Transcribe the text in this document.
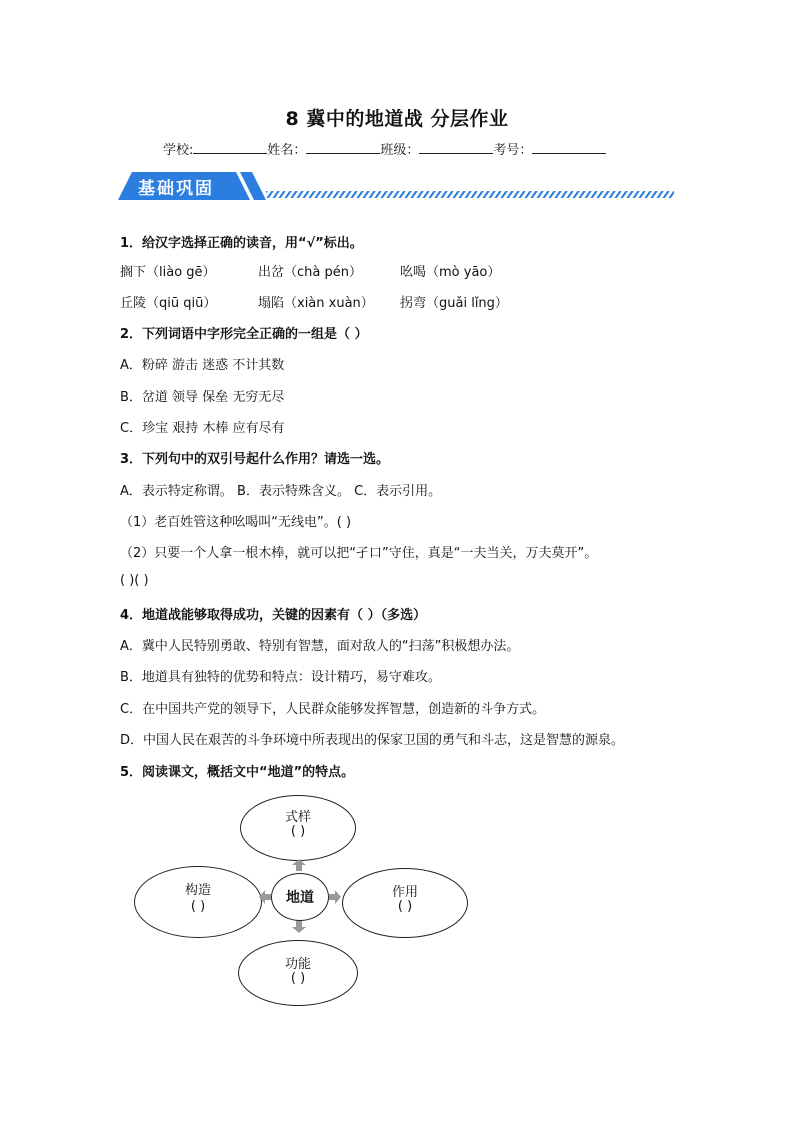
8 冀中的地道战 分层作业
学校:	姓名：	班级：	考号：
基础巩固
1．给汉字选择正确的读音，用“√”标出。
搁下（liào gē）	出岔（chà pén）	吆喝（mò yāo）
丘陵（qiū qiū）	塌陷（xiàn xuàn） 拐弯（guǎi lǐng）
2．下列词语中字形完全正确的一组是（ ）
A．粉碎 游击 迷惑 不计其数
B．岔道 领导 保垒 无穷无尽
C．珍宝 艰持 木棒 应有尽有
3．下列句中的双引号起什么作用？请选一选。
A．表示特定称谓。 B．表示特殊含义。 C．表示引用。
（1）老百姓管这种吆喝叫“无线电”。( )
（2）只要一个人拿一根木棒，就可以把“孑口”守住，真是“一夫当关，万夫莫开”。
( )( )
4．地道战能够取得成功，关键的因素有（ ）（多选）
A．冀中人民特别勇敢、特别有智慧，面对敌人的“扫荡”积极想办法。
B．地道具有独特的优势和特点：设计精巧，易守难攻。
C．在中国共产党的领导下，人民群众能够发挥智慧，创造新的斗争方式。
D．中国人民在艰苦的斗争环境中所表现出的保家卫国的勇气和斗志，这是智慧的源泉。
5．阅读课文，概括文中“地道”的特点。
式样
( )
构造
( )
作用
( )
功能
( )
地道
